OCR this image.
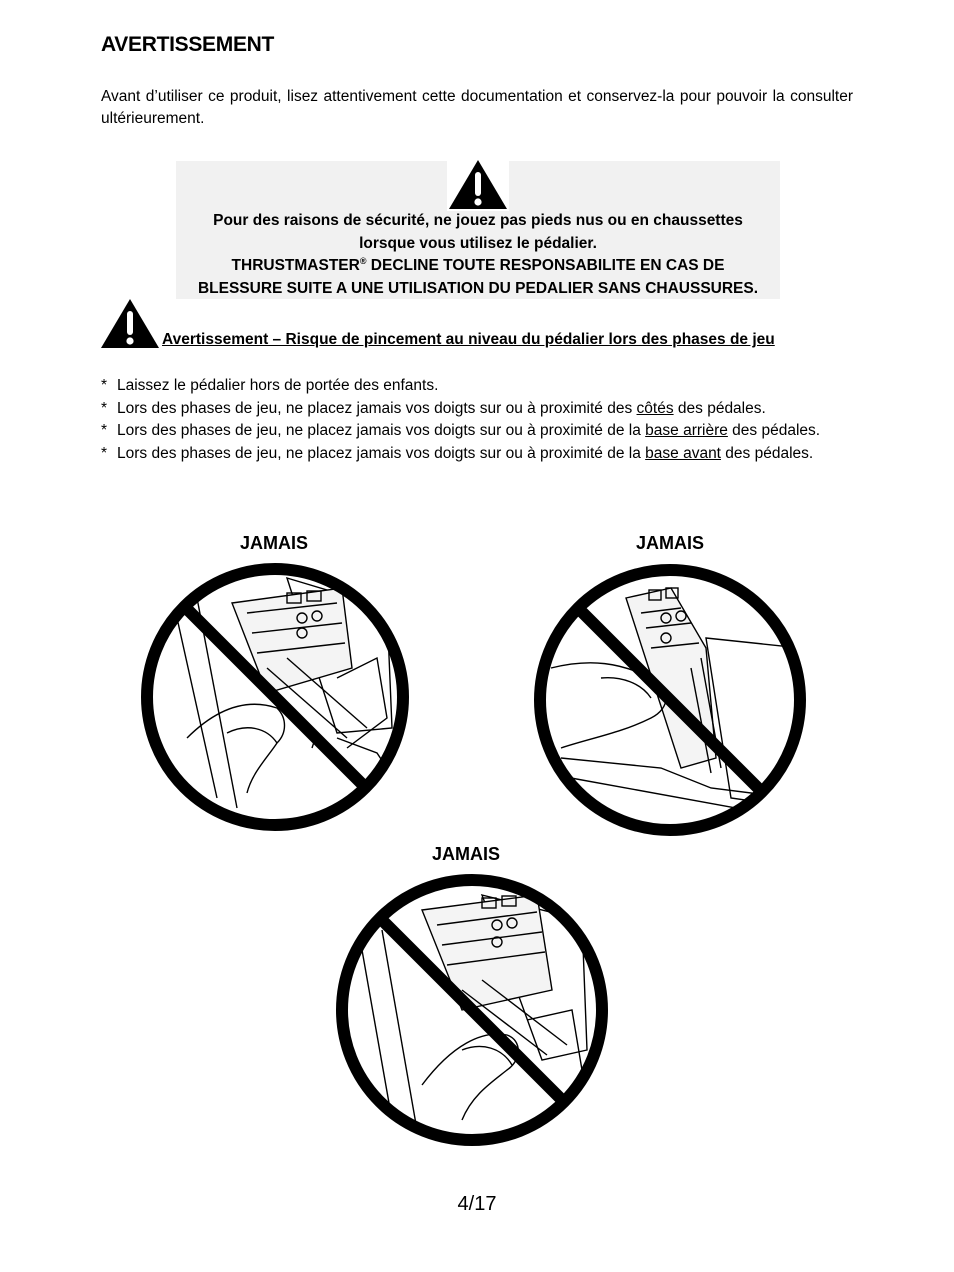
AVERTISSEMENT
Avant d’utiliser ce produit, lisez attentivement cette documentation et conservez-la pour pouvoir la consulter ultérieurement.
Pour des raisons de sécurité, ne jouez pas pieds nus ou en chaussettes
lorsque vous utilisez le pédalier.
THRUSTMASTER® DECLINE TOUTE RESPONSABILITE EN CAS DE
BLESSURE SUITE A UNE UTILISATION DU PEDALIER SANS CHAUSSURES.
Avertissement – Risque de pincement au niveau du pédalier lors des phases de jeu
* Laissez le pédalier hors de portée des enfants.
* Lors des phases de jeu, ne placez jamais vos doigts sur ou à proximité des côtés des pédales.
* Lors des phases de jeu, ne placez jamais vos doigts sur ou à proximité de la base arrière des pédales.
* Lors des phases de jeu, ne placez jamais vos doigts sur ou à proximité de la base avant des pédales.
JAMAIS	JAMAIS
JAMAIS
4/17
